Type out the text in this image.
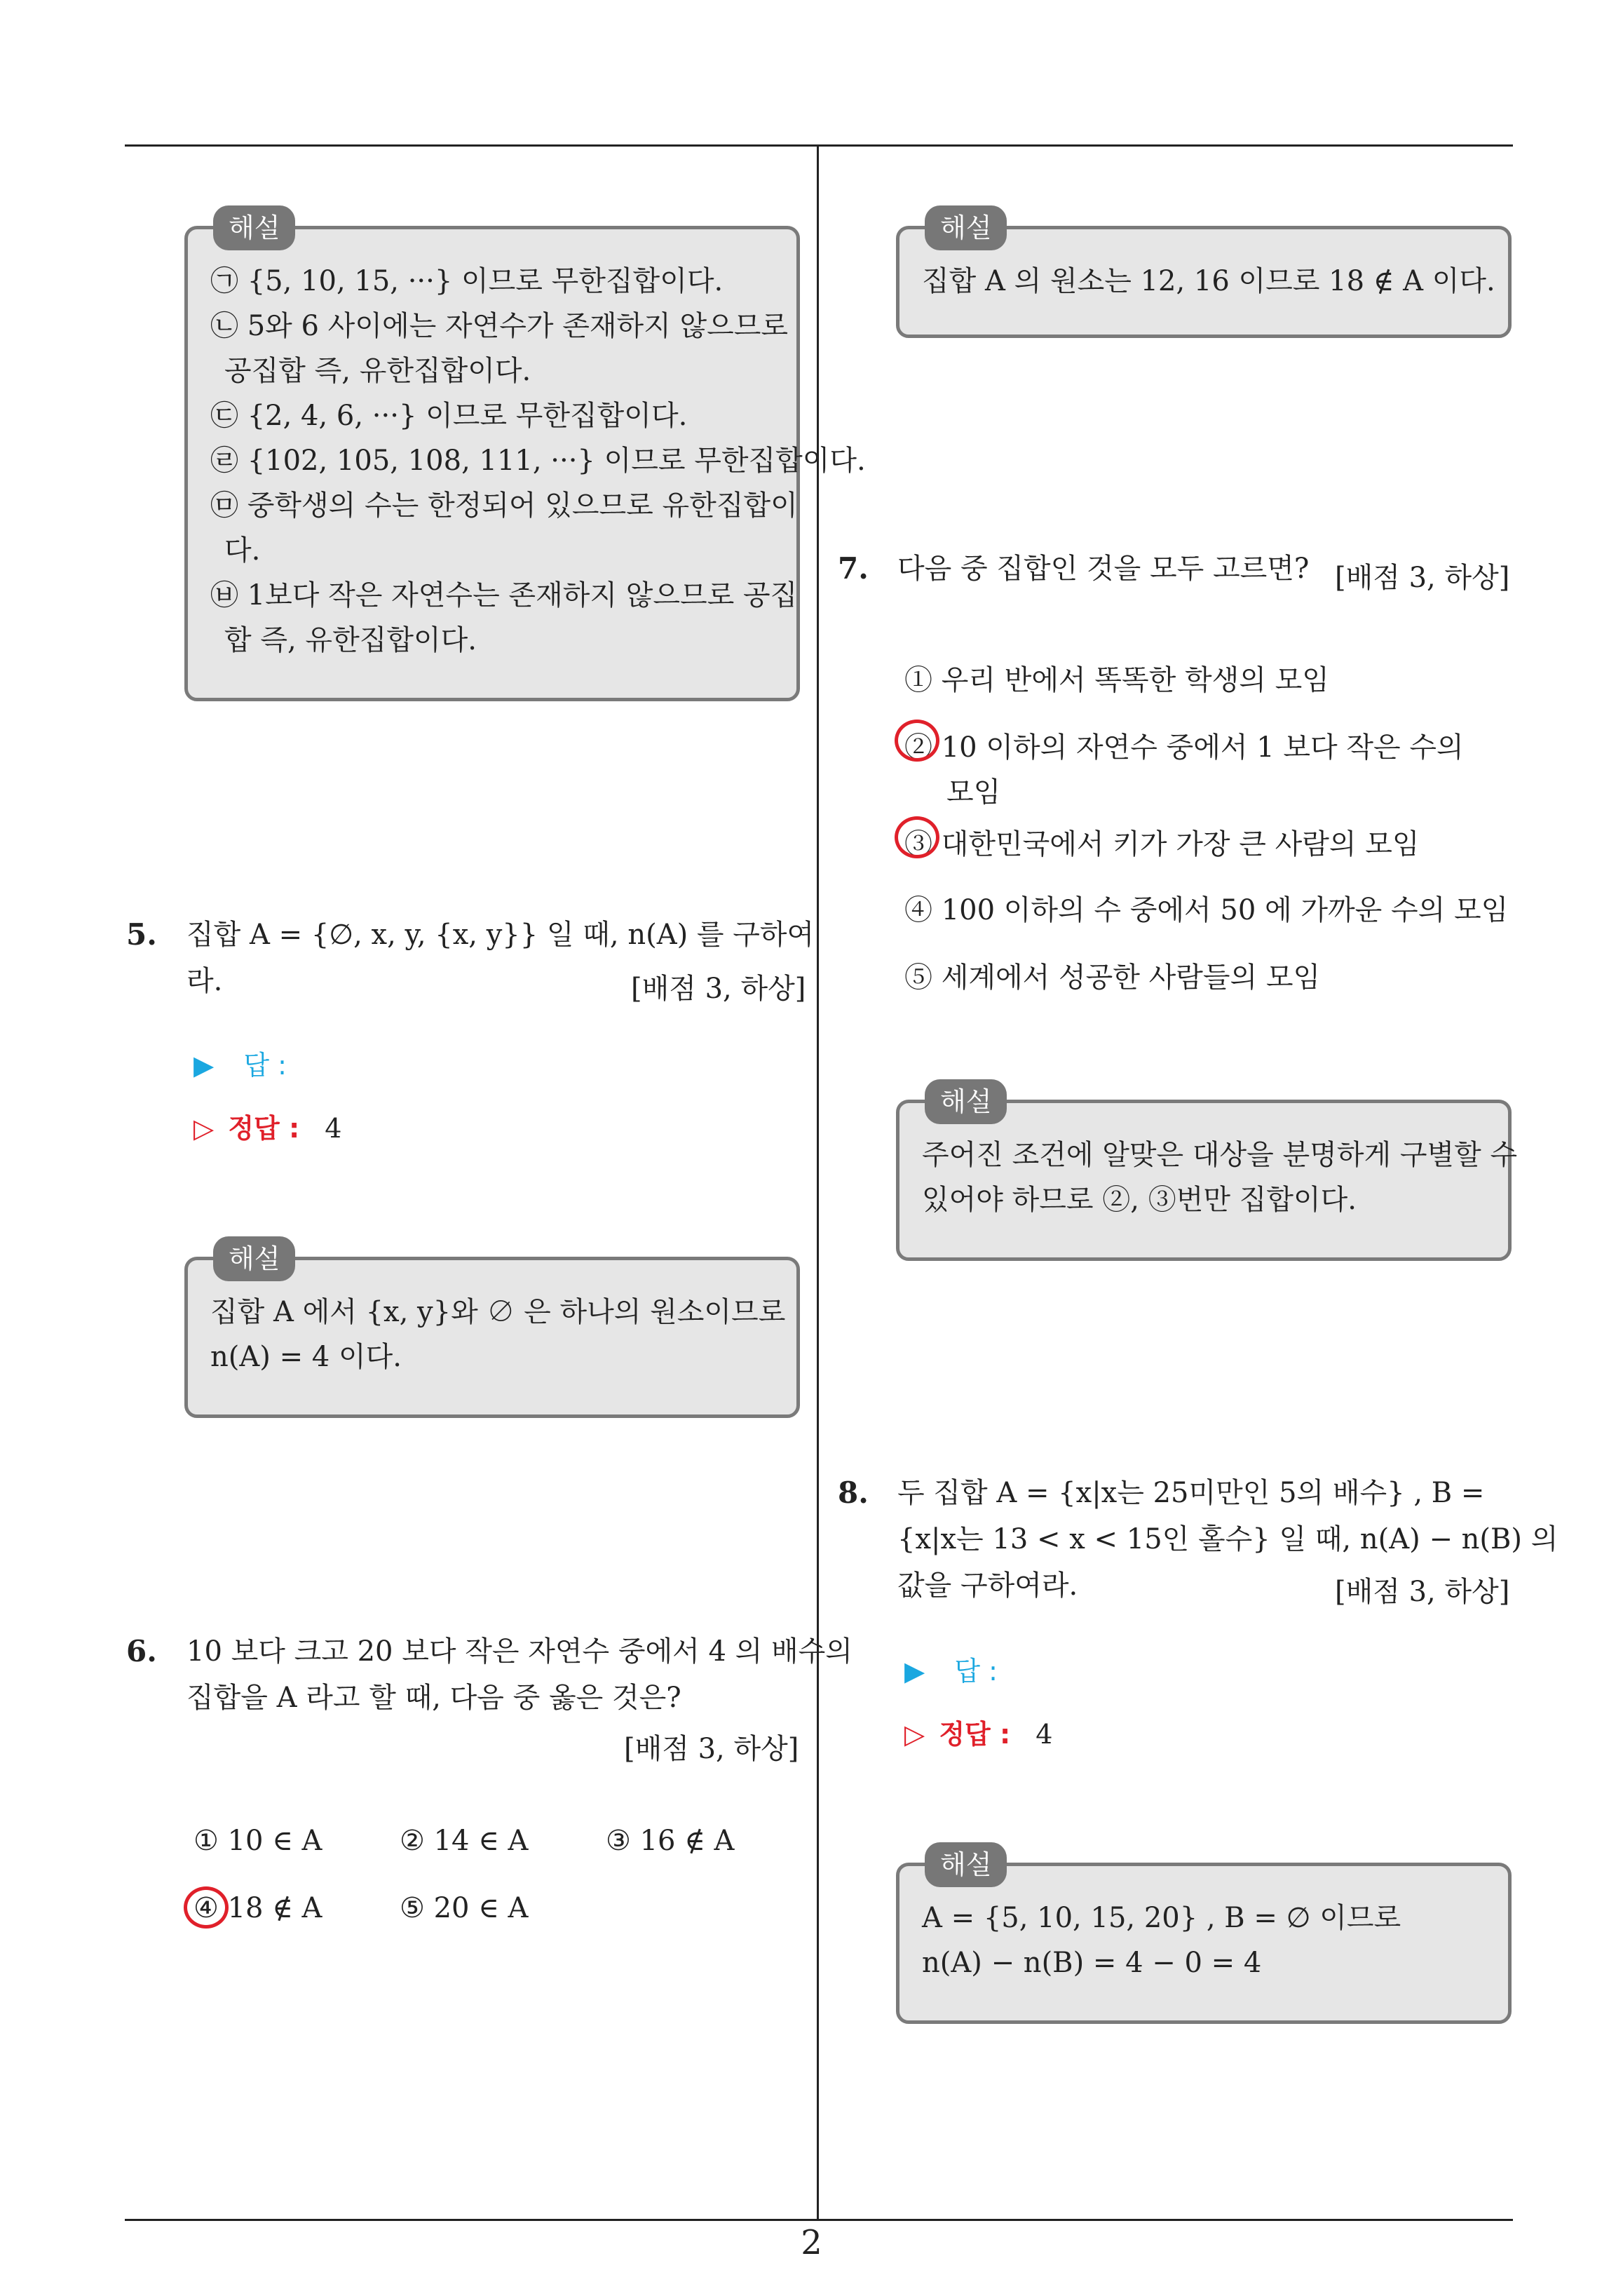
해설
㉠ {5, 10, 15, ···} 이므로 무한집합이다.
㉡ 5와 6 사이에는 자연수가 존재하지 않으므로
공집합 즉, 유한집합이다.
㉢ {2, 4, 6, ···} 이므로 무한집합이다.
㉣ {102, 105, 108, 111, ···} 이므로 무한집합이다.
㉤ 중학생의 수는 한정되어 있으므로 유한집합이
다.
㉥ 1보다 작은 자연수는 존재하지 않으므로 공집
합 즉, 유한집합이다.
5. 집합 A = {∅, x, y, {x, y}} 일 때, n(A) 를 구하여
라.	[배점 3, 하상]
▶ 답 :
▷ 정답 : 4
해설
집합 A 에서 {x, y}와 ∅ 은 하나의 원소이므로
n(A) = 4 이다.
6. 10 보다 크고 20 보다 작은 자연수 중에서 4 의 배수의
집합을 A 라고 할 때, 다음 중 옳은 것은?
[배점 3, 하상]
① 10 ∈ A	② 14 ∈ A	③ 16 ∉ A
④ 18 ∉ A	⑤ 20 ∈ A
해설
집합 A 의 원소는 12, 16 이므로 18 ∉ A 이다.
7. 다음 중 집합인 것을 모두 고르면? [배점 3, 하상]
① 우리 반에서 똑똑한 학생의 모임
② 10 이하의 자연수 중에서 1 보다 작은 수의
모임
③ 대한민국에서 키가 가장 큰 사람의 모임
④ 100 이하의 수 중에서 50 에 가까운 수의 모임
⑤ 세계에서 성공한 사람들의 모임
해설
주어진 조건에 알맞은 대상을 분명하게 구별할 수
있어야 하므로 ②, ③번만 집합이다.
8. 두 집합 A = {x|x는 25미만인 5의 배수} , B =
{x|x는 13 < x < 15인 홀수} 일 때, n(A) − n(B) 의
값을 구하여라.	[배점 3, 하상]
▶ 답 :
▷ 정답 : 4
해설
A = {5, 10, 15, 20} , B = ∅ 이므로
n(A) − n(B) = 4 − 0 = 4
2
